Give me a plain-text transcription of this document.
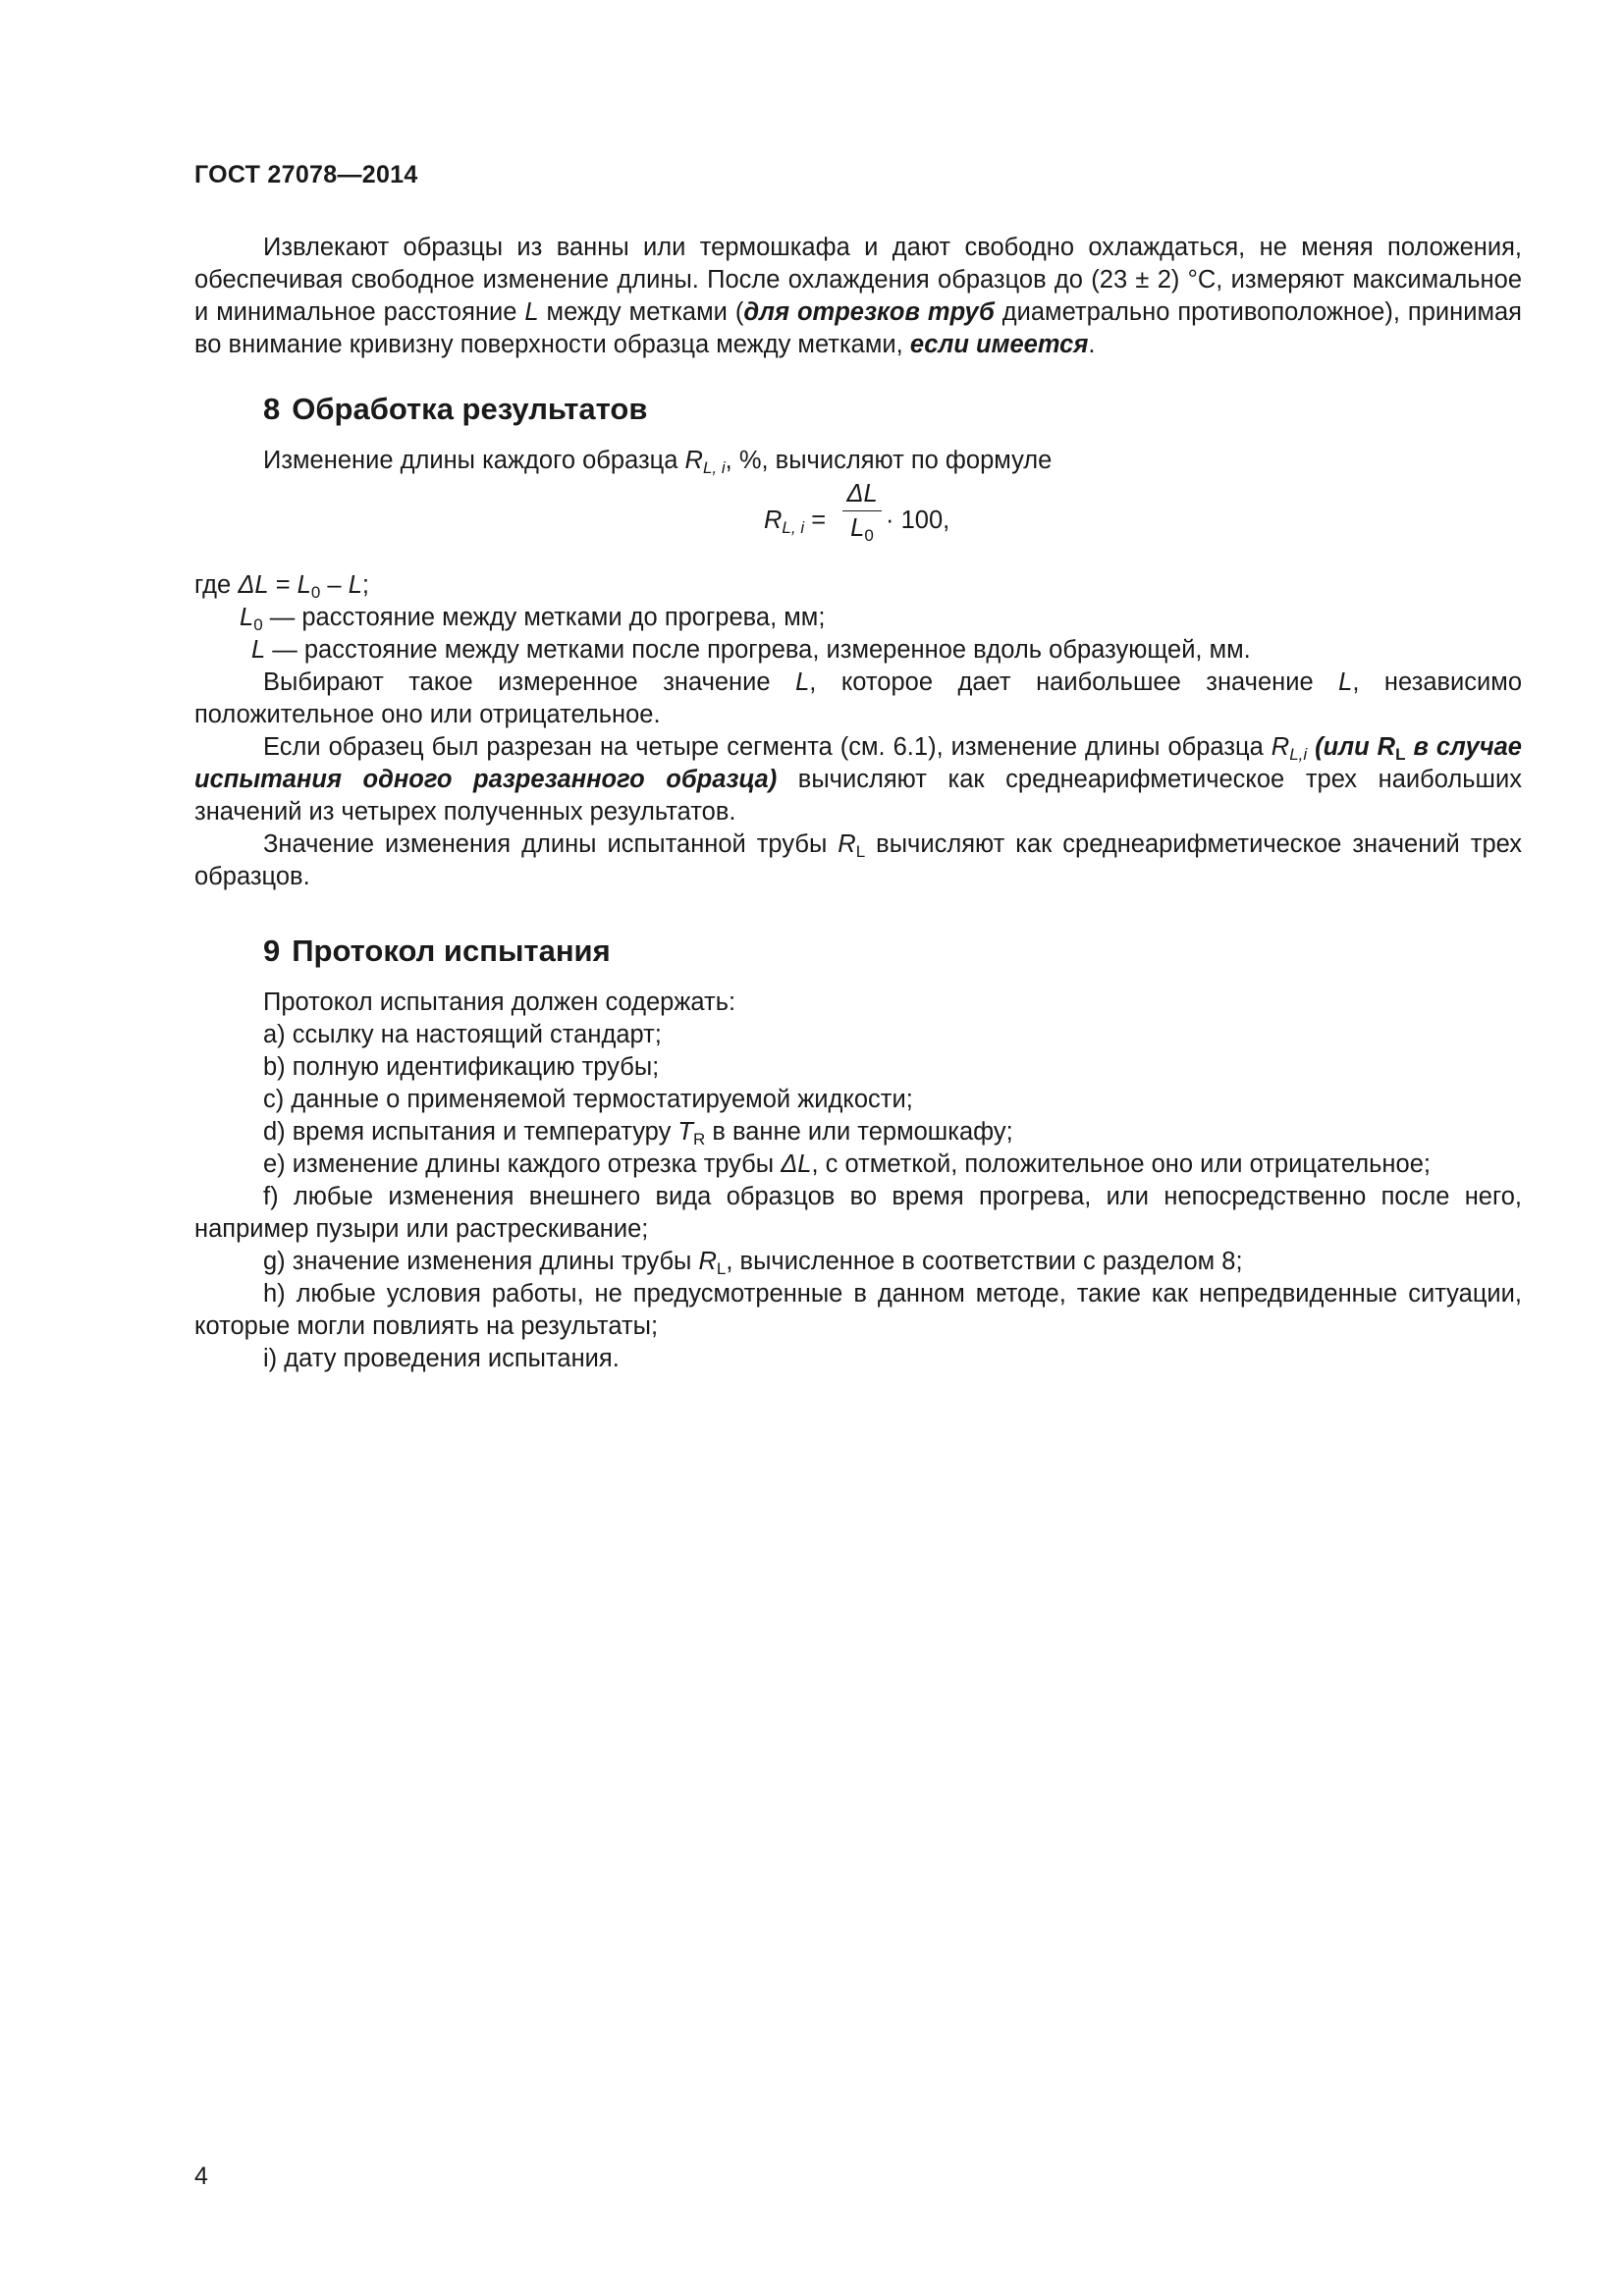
ГОСТ 27078—2014

Извлекают образцы из ванны или термошкафа и дают свободно охлаждаться, не меняя положения, обеспечивая свободное изменение длины. После охлаждения образцов до (23 ± 2) °C, измеряют максимальное и минимальное расстояние L между метками (для отрезков труб диаметрально противоположное), принимая во внимание кривизну поверхности образца между метками, если имеется.

8 Обработка результатов

Изменение длины каждого образца $R_{L, i}$, %, вычисляют по формуле

$R_{L, i}$ =
ΔL
$L_0$
· 100,

где $\Delta L = L_0 - L$;

$L_0$ — расстояние между метками до прогрева, мм;

L — расстояние между метками после прогрева, измеренное вдоль образующей, мм.

Выбирают такое измеренное значение L, которое дает наибольшее значение L, независимо положительное оно или отрицательное.

Если образец был разрезан на четыре сегмента (см. 6.1), изменение длины образца $R_{L,i}$ (или $R_L$ в случае испытания одного разрезанного образца) вычисляют как среднеарифметическое трех наибольших значений из четырех полученных результатов.

Значение изменения длины испытанной трубы $R_L$ вычисляют как среднеарифметическое значений трех образцов.

9 Протокол испытания

Протокол испытания должен содержать:

a) ссылку на настоящий стандарт;

b) полную идентификацию трубы;

c) данные о применяемой термостатируемой жидкости;

d) время испытания и температуру $T_R$ в ванне или термошкафу;

e) изменение длины каждого отрезка трубы ΔL, с отметкой, положительное оно или отрицательное;

f) любые изменения внешнего вида образцов во время прогрева, или непосредственно после него, например пузыри или растрескивание;

g) значение изменения длины трубы $R_L$, вычисленное в соответствии с разделом 8;

h) любые условия работы, не предусмотренные в данном методе, такие как непредвиденные ситуации, которые могли повлиять на результаты;

i) дату проведения испытания.

4
